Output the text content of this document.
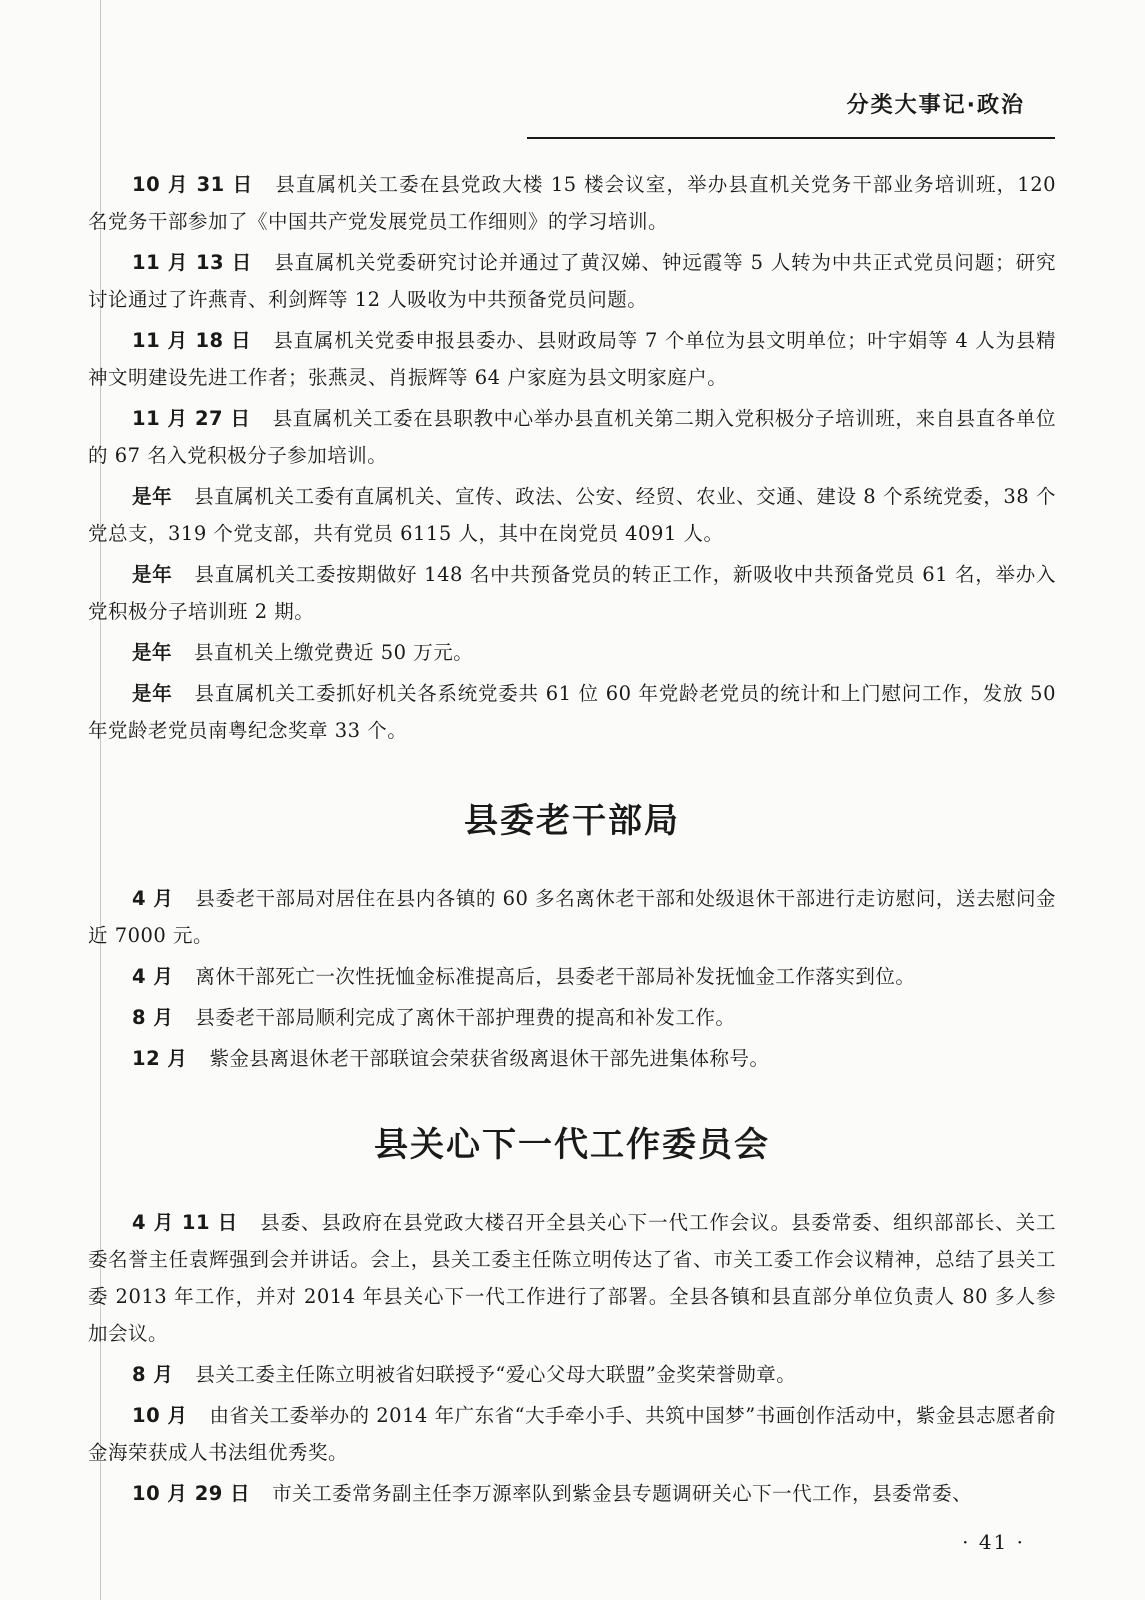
分类大事记·政治

10 月 31 日 县直属机关工委在县党政大楼 15 楼会议室，举办县直机关党务干部业务培训班，120 名党务干部参加了《中国共产党发展党员工作细则》的学习培训。

11 月 13 日 县直属机关党委研究讨论并通过了黄汉娣、钟远霞等 5 人转为中共正式党员问题；研究讨论通过了许燕青、利剑辉等 12 人吸收为中共预备党员问题。

11 月 18 日 县直属机关党委申报县委办、县财政局等 7 个单位为县文明单位；叶宇娟等 4 人为县精神文明建设先进工作者；张燕灵、肖振辉等 64 户家庭为县文明家庭户。

11 月 27 日 县直属机关工委在县职教中心举办县直机关第二期入党积极分子培训班，来自县直各单位的 67 名入党积极分子参加培训。

是年 县直属机关工委有直属机关、宣传、政法、公安、经贸、农业、交通、建设 8 个系统党委，38 个党总支，319 个党支部，共有党员 6115 人，其中在岗党员 4091 人。

是年 县直属机关工委按期做好 148 名中共预备党员的转正工作，新吸收中共预备党员 61 名，举办入党积极分子培训班 2 期。

是年 县直机关上缴党费近 50 万元。

是年 县直属机关工委抓好机关各系统党委共 61 位 60 年党龄老党员的统计和上门慰问工作，发放 50 年党龄老党员南粤纪念奖章 33 个。

县委老干部局

4 月 县委老干部局对居住在县内各镇的 60 多名离休老干部和处级退休干部进行走访慰问，送去慰问金近 7000 元。

4 月 离休干部死亡一次性抚恤金标准提高后，县委老干部局补发抚恤金工作落实到位。

8 月 县委老干部局顺利完成了离休干部护理费的提高和补发工作。

12 月 紫金县离退休老干部联谊会荣获省级离退休干部先进集体称号。

县关心下一代工作委员会

4 月 11 日 县委、县政府在县党政大楼召开全县关心下一代工作会议。县委常委、组织部部长、关工委名誉主任袁辉强到会并讲话。会上，县关工委主任陈立明传达了省、市关工委工作会议精神，总结了县关工委 2013 年工作，并对 2014 年县关心下一代工作进行了部署。全县各镇和县直部分单位负责人 80 多人参加会议。

8 月 县关工委主任陈立明被省妇联授予“爱心父母大联盟”金奖荣誉勋章。

10 月 由省关工委举办的 2014 年广东省“大手牵小手、共筑中国梦”书画创作活动中，紫金县志愿者俞金海荣获成人书法组优秀奖。

10 月 29 日 市关工委常务副主任李万源率队到紫金县专题调研关心下一代工作，县委常委、

· 41 ·
